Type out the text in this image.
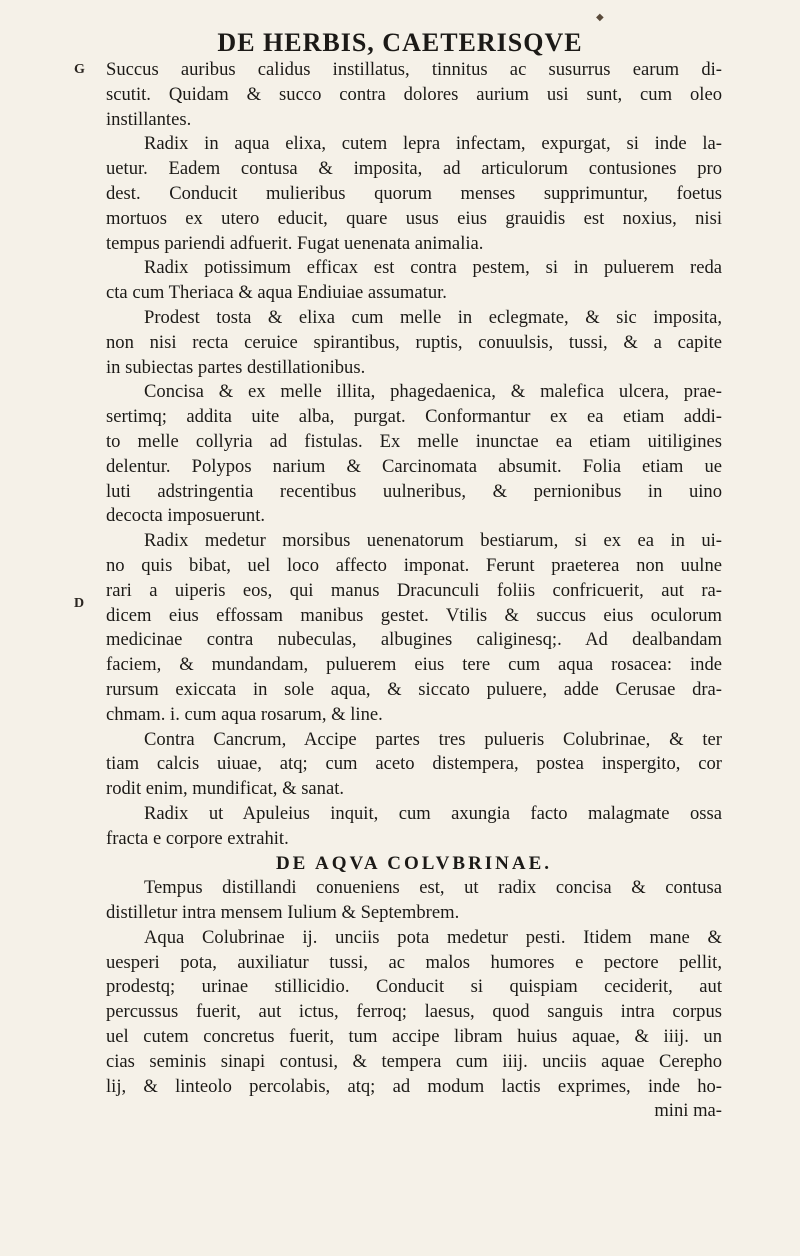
◆
DE HERBIS, CAETERISQVE
G
D
Succus auribus calidus instillatus, tinnitus ac susurrus earum di-
scutit. Quidam & succo contra dolores aurium usi sunt, cum oleo
instillantes.
Radix in aqua elixa, cutem lepra infectam, expurgat, si inde la-
uetur. Eadem contusa & imposita, ad articulorum contusiones pro
dest. Conducit mulieribus quorum menses supprimuntur, foetus
mortuos ex utero educit, quare usus eius grauidis est noxius, nisi
tempus pariendi adfuerit. Fugat uenenata animalia.
Radix potissimum efficax est contra pestem, si in puluerem reda
cta cum Theriaca & aqua Endiuiae assumatur.
Prodest tosta & elixa cum melle in eclegmate, & sic imposita,
non nisi recta ceruice spirantibus, ruptis, conuulsis, tussi, & a capite
in subiectas partes destillationibus.
Concisa & ex melle illita, phagedaenica, & malefica ulcera, prae-
sertimq; addita uite alba, purgat. Conformantur ex ea etiam addi-
to melle collyria ad fistulas. Ex melle inunctae ea etiam uitiligines
delentur. Polypos narium & Carcinomata absumit. Folia etiam ue
luti adstringentia recentibus uulneribus, & pernionibus in uino
decocta imposuerunt.
Radix medetur morsibus uenenatorum bestiarum, si ex ea in ui-
no quis bibat, uel loco affecto imponat. Ferunt praeterea non uulne
rari a uiperis eos, qui manus Dracunculi foliis confricuerit, aut ra-
dicem eius effossam manibus gestet. Vtilis & succus eius oculorum
medicinae contra nubeculas, albugines caliginesq;. Ad dealbandam
faciem, & mundandam, puluerem eius tere cum aqua rosacea: inde
rursum exiccata in sole aqua, & siccato puluere, adde Cerusae dra-
chmam. i. cum aqua rosarum, & line.
Contra Cancrum, Accipe partes tres pulueris Colubrinae, & ter
tiam calcis uiuae, atq; cum aceto distempera, postea inspergito, cor
rodit enim, mundificat, & sanat.
Radix ut Apuleius inquit, cum axungia facto malagmate ossa
fracta e corpore extrahit.
DE AQVA COLVBRINAE.
Tempus distillandi conueniens est, ut radix concisa & contusa
distilletur intra mensem Iulium & Septembrem.
Aqua Colubrinae ij. unciis pota medetur pesti. Itidem mane &
uesperi pota, auxiliatur tussi, ac malos humores e pectore pellit,
prodestq; urinae stillicidio. Conducit si quispiam ceciderit, aut
percussus fuerit, aut ictus, ferroq; laesus, quod sanguis intra corpus
uel cutem concretus fuerit, tum accipe libram huius aquae, & iiij. un
cias seminis sinapi contusi, & tempera cum iiij. unciis aquae Cerepho
lij, & linteolo percolabis, atq; ad modum lactis exprimes, inde ho-
mini ma-
